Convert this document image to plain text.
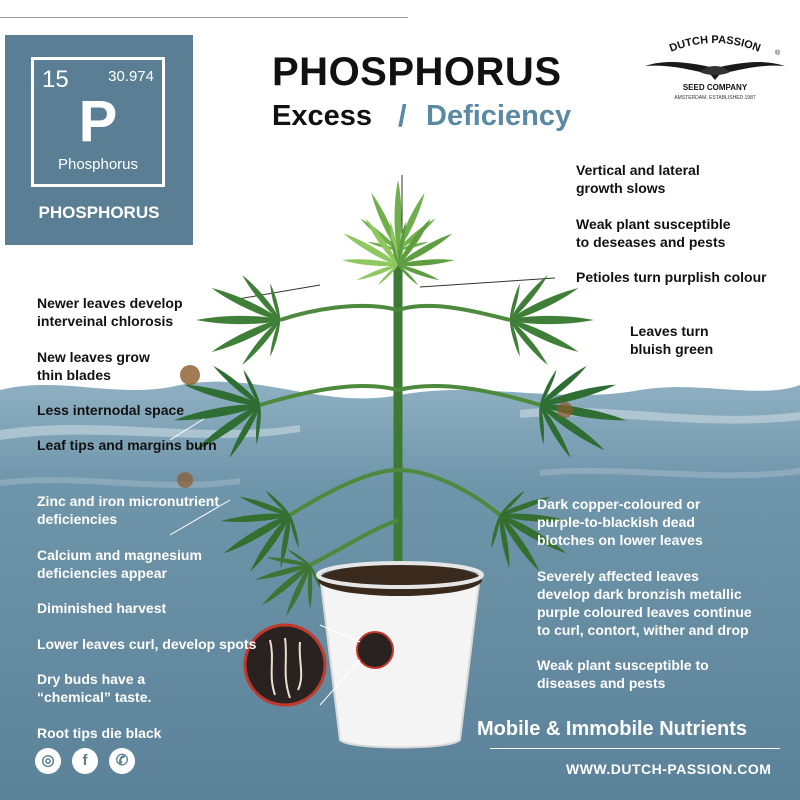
15	30.974
P
Phosphorus
PHOSPHORUS
PHOSPHORUS
Excess / Deficiency
DUTCH PASSION ®
SEED COMPANY
AMSTERDAM, ESTABLISHED 1987
Newer leaves develop
interveinal chlorosis
New leaves grow
thin blades
Less internodal space
Leaf tips and margins burn
Zinc and iron micronutrient
deficiencies
Calcium and magnesium
deficiencies appear
Diminished harvest
Lower leaves curl, develop spots
Dry buds have a
“chemical” taste.
Root tips die black
Vertical and lateral
growth slows
Weak plant susceptible
to deseases and pests
Petioles turn purplish colour
Leaves turn
bluish green
Dark copper-coloured or
purple-to-blackish dead
blotches on lower leaves
Severely affected leaves
develop dark bronzish metallic
purple coloured leaves continue
to curl, contort, wither and drop
Weak plant susceptible to
diseases and pests
Mobile & Immobile Nutrients
WWW.DUTCH-PASSION.COM
◎	f	✆
